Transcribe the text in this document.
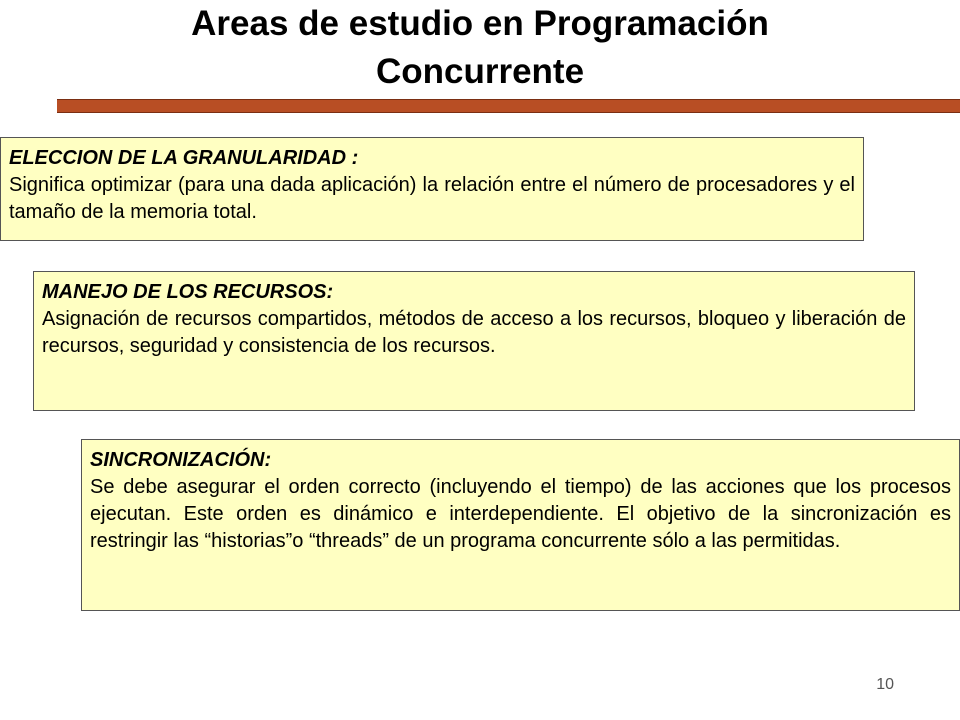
Areas de estudio en Programación
Concurrente
ELECCION DE LA GRANULARIDAD :
Significa optimizar (para una dada aplicación) la relación entre el número de procesadores y el tamaño de la memoria total.
MANEJO DE LOS RECURSOS:
Asignación de recursos compartidos, métodos de acceso a los recursos, bloqueo y liberación de recursos, seguridad y consistencia de los recursos.
SINCRONIZACIÓN:
Se debe asegurar el orden correcto (incluyendo el tiempo) de las acciones que los procesos ejecutan. Este orden es dinámico e interdependiente. El objetivo de la sincronización es restringir las “historias”o “threads” de un programa concurrente sólo a las permitidas.
10
